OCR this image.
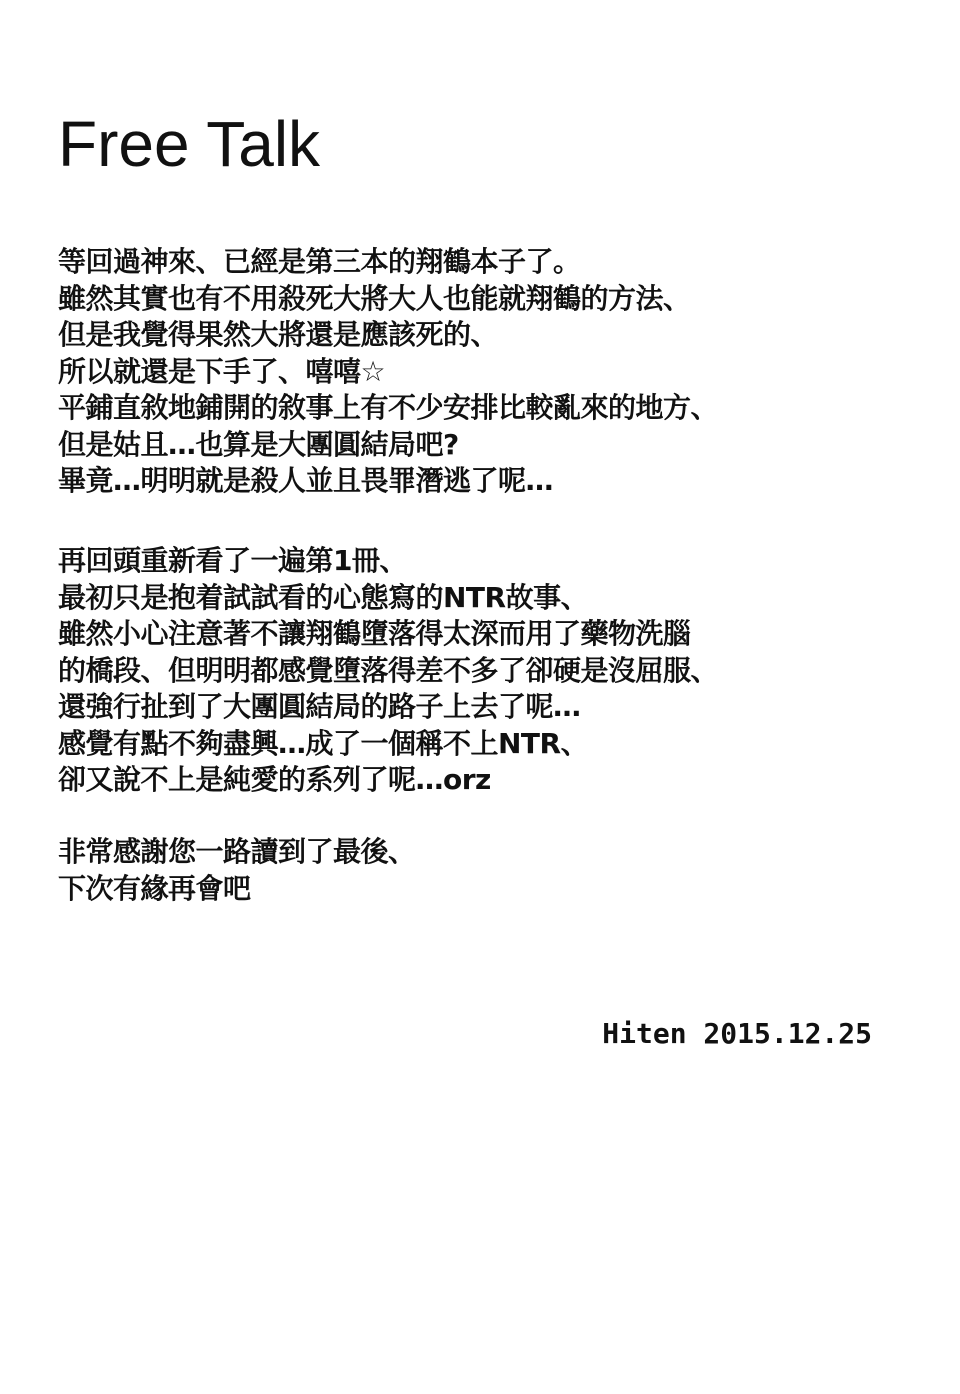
Free Talk
等回過神來、已經是第三本的翔鶴本子了。
雖然其實也有不用殺死大將大人也能就翔鶴的方法、
但是我覺得果然大將還是應該死的、
所以就還是下手了、嘻嘻☆
平鋪直敘地鋪開的敘事上有不少安排比較亂來的地方、
但是姑且…也算是大團圓結局吧?
畢竟…明明就是殺人並且畏罪潛逃了呢…
再回頭重新看了一遍第1冊、
最初只是抱着試試看的心態寫的NTR故事、
雖然小心注意著不讓翔鶴墮落得太深而用了藥物洗腦
的橋段、但明明都感覺墮落得差不多了卻硬是沒屈服、
還強行扯到了大團圓結局的路子上去了呢…
感覺有點不夠盡興…成了一個稱不上NTR、
卻又說不上是純愛的系列了呢…orz
非常感謝您一路讀到了最後、
下次有緣再會吧

Hiten 2015.12.25
